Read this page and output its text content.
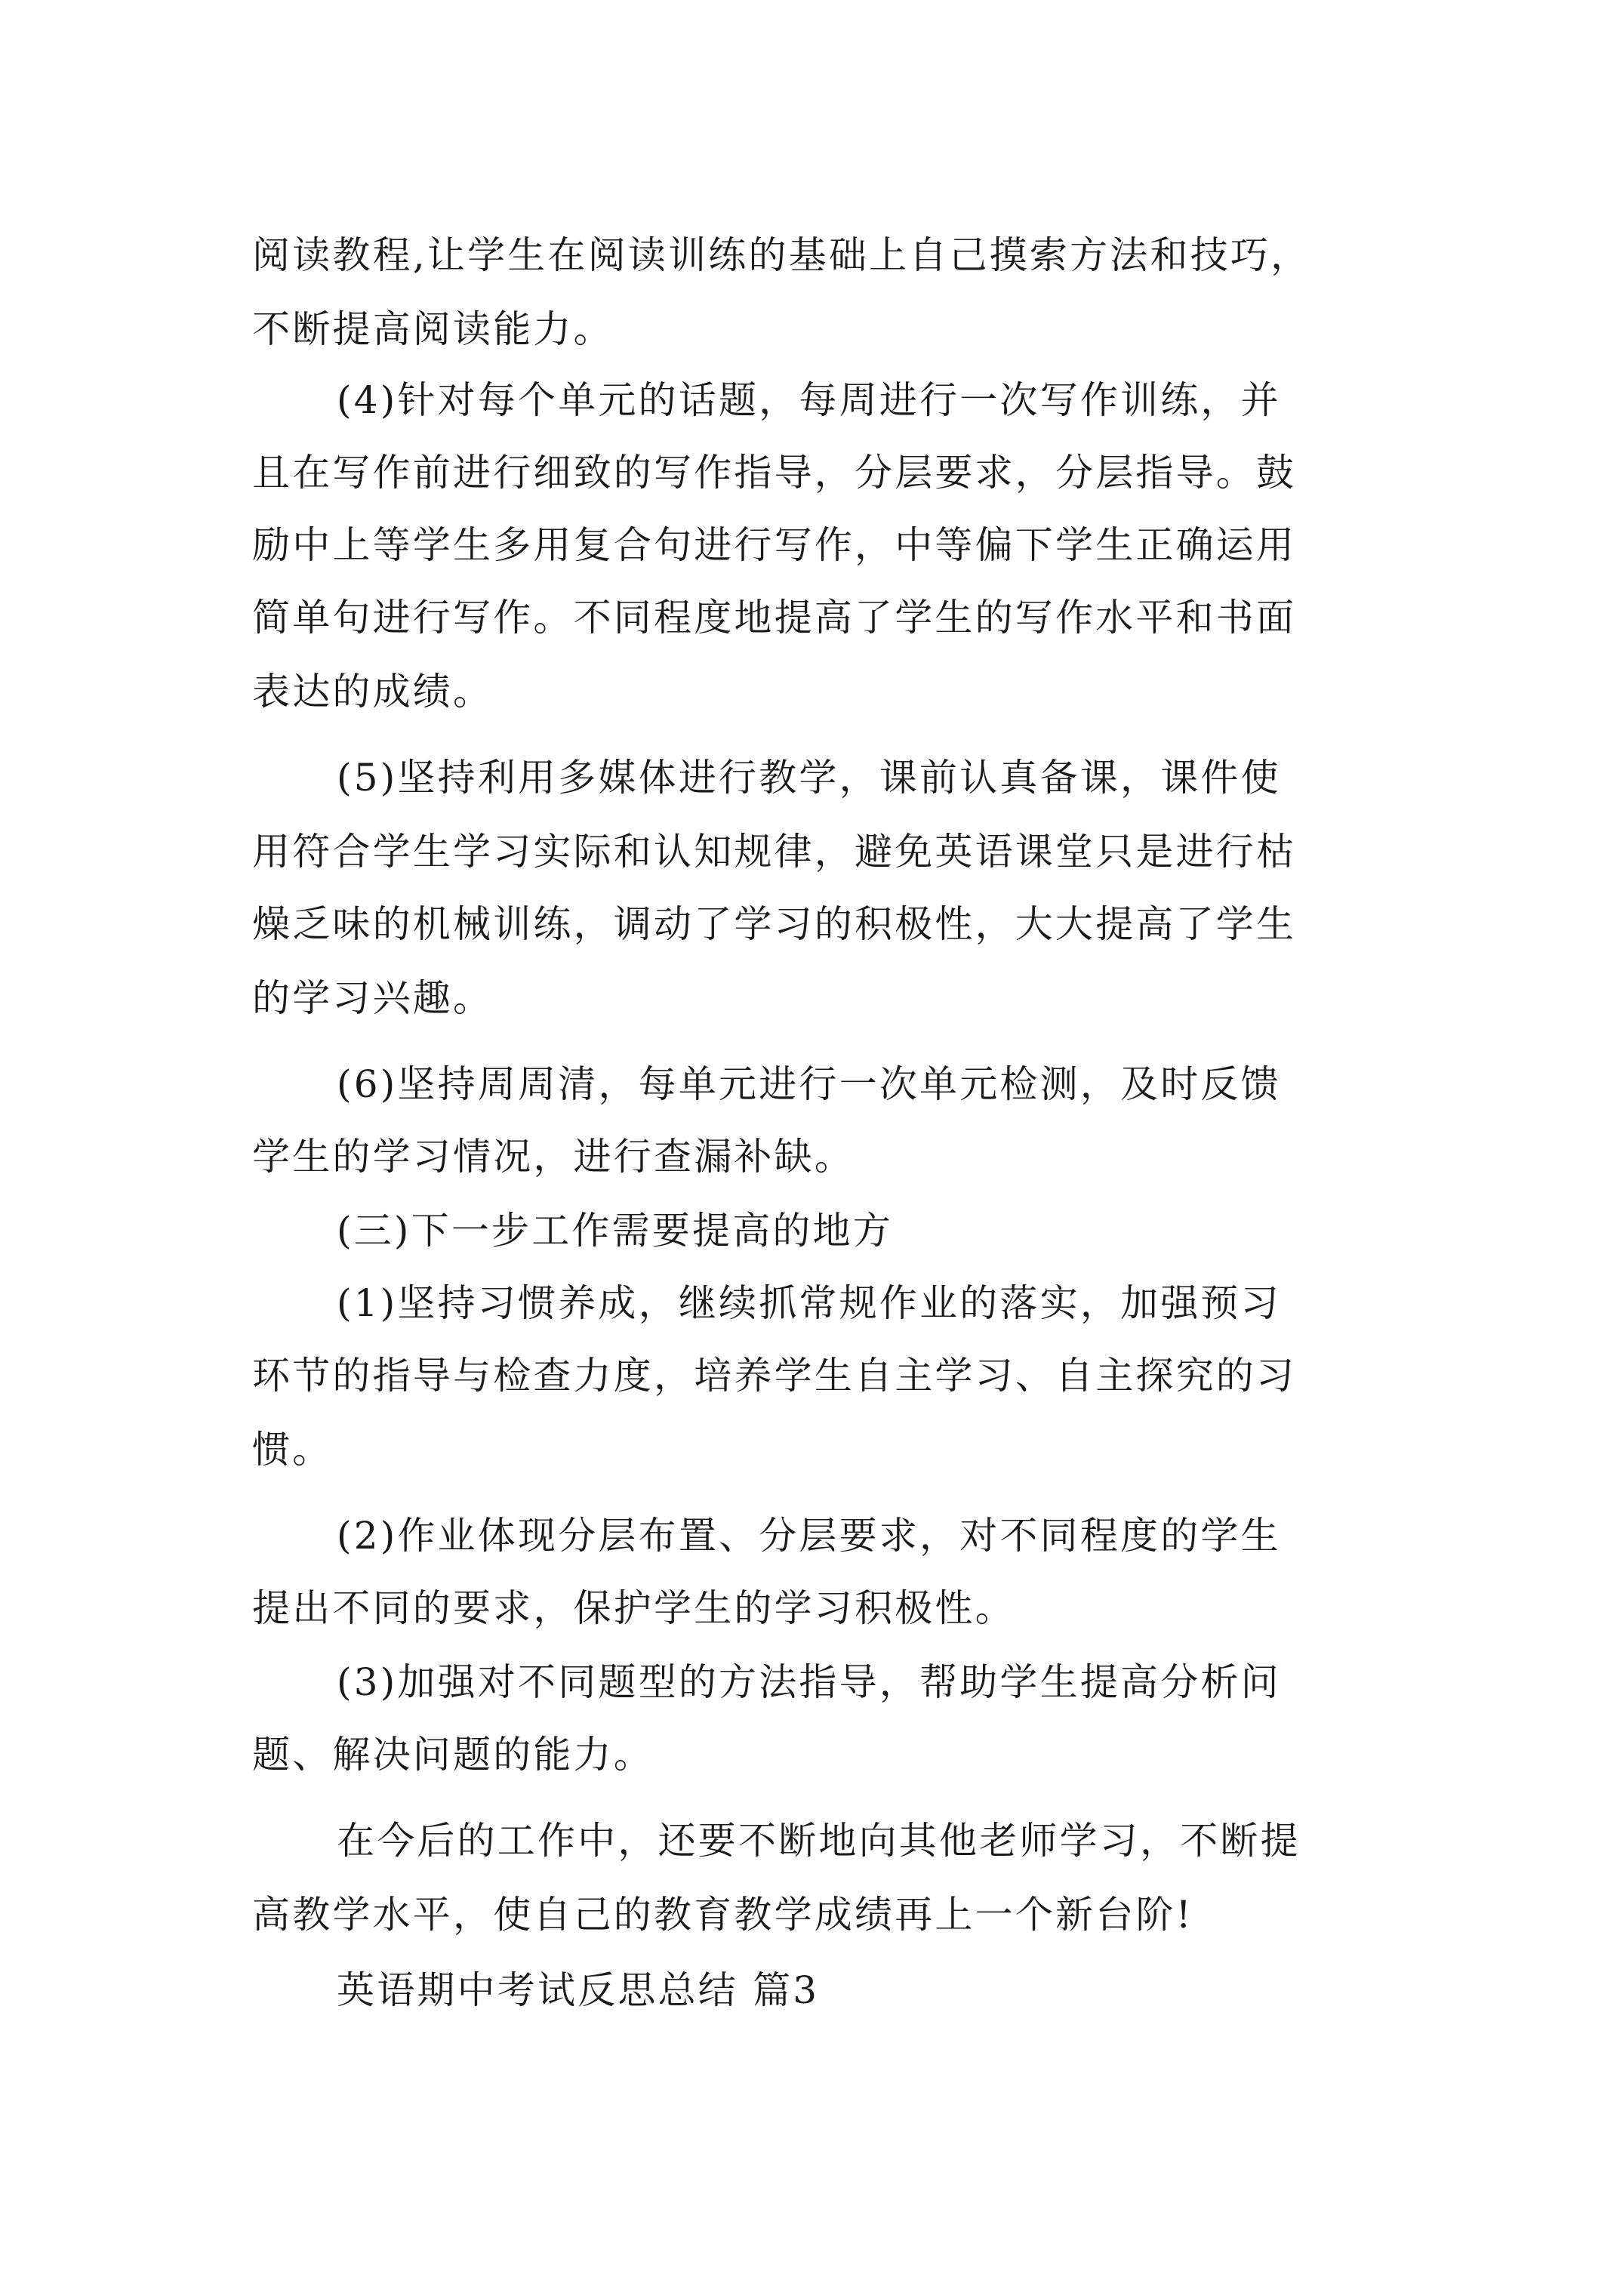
阅读教程,让学生在阅读训练的基础上自己摸索方法和技巧，
不断提高阅读能力。
(4)针对每个单元的话题，每周进行一次写作训练，并
且在写作前进行细致的写作指导，分层要求，分层指导。鼓
励中上等学生多用复合句进行写作，中等偏下学生正确运用
简单句进行写作。不同程度地提高了学生的写作水平和书面
表达的成绩。
(5)坚持利用多媒体进行教学，课前认真备课，课件使
用符合学生学习实际和认知规律，避免英语课堂只是进行枯
燥乏味的机械训练，调动了学习的积极性，大大提高了学生
的学习兴趣。
(6)坚持周周清，每单元进行一次单元检测，及时反馈
学生的学习情况，进行查漏补缺。
(三)下一步工作需要提高的地方
(1)坚持习惯养成，继续抓常规作业的落实，加强预习
环节的指导与检查力度，培养学生自主学习、自主探究的习
惯。
(2)作业体现分层布置、分层要求，对不同程度的学生
提出不同的要求，保护学生的学习积极性。
(3)加强对不同题型的方法指导，帮助学生提高分析问
题、解决问题的能力。
在今后的工作中，还要不断地向其他老师学习，不断提
高教学水平，使自己的教育教学成绩再上一个新台阶!
英语期中考试反思总结 篇3
